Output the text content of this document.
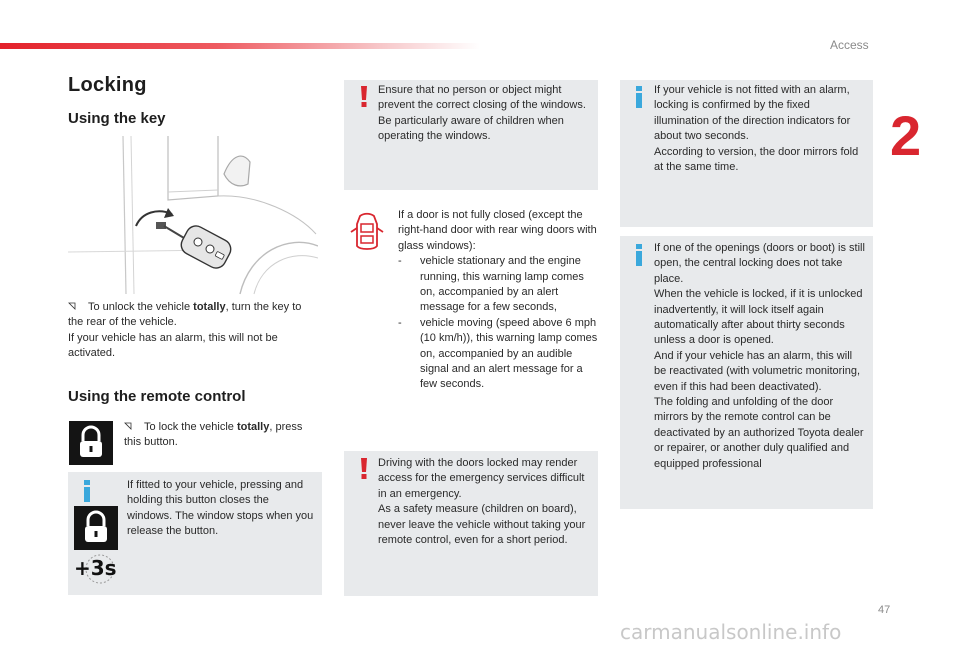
Access
2
Locking
Using the key
To unlock the vehicle totally, turn the key to the rear of the vehicle.
If your vehicle has an alarm, this will not be activated.
Using the remote control
To lock the vehicle totally, press this button.
+3s
If fitted to your vehicle, pressing and holding this button closes the windows. The window stops when you release the button.
Ensure that no person or object might prevent the correct closing of the windows.
Be particularly aware of children when operating the windows.
If a door is not fully closed (except the right-hand door with rear wing doors with glass windows):
- vehicle stationary and the engine running, this warning lamp comes on, accompanied by an alert message for a few seconds,
- vehicle moving (speed above 6 mph (10 km/h)), this warning lamp comes on, accompanied by an audible signal and an alert message for a few seconds.
Driving with the doors locked may render access for the emergency services difficult in an emergency.
As a safety measure (children on board), never leave the vehicle without taking your remote control, even for a short period.
If your vehicle is not fitted with an alarm, locking is confirmed by the fixed illumination of the direction indicators for about two seconds.
According to version, the door mirrors fold at the same time.
If one of the openings (doors or boot) is still open, the central locking does not take place.
When the vehicle is locked, if it is unlocked inadvertently, it will lock itself again automatically after about thirty seconds unless a door is opened.
And if your vehicle has an alarm, this will be reactivated (with volumetric monitoring, even if this had been deactivated).
The folding and unfolding of the door mirrors by the remote control can be deactivated by an authorized Toyota dealer or repairer, or another duly qualified and equipped professional
47
carmanualsonline.info
